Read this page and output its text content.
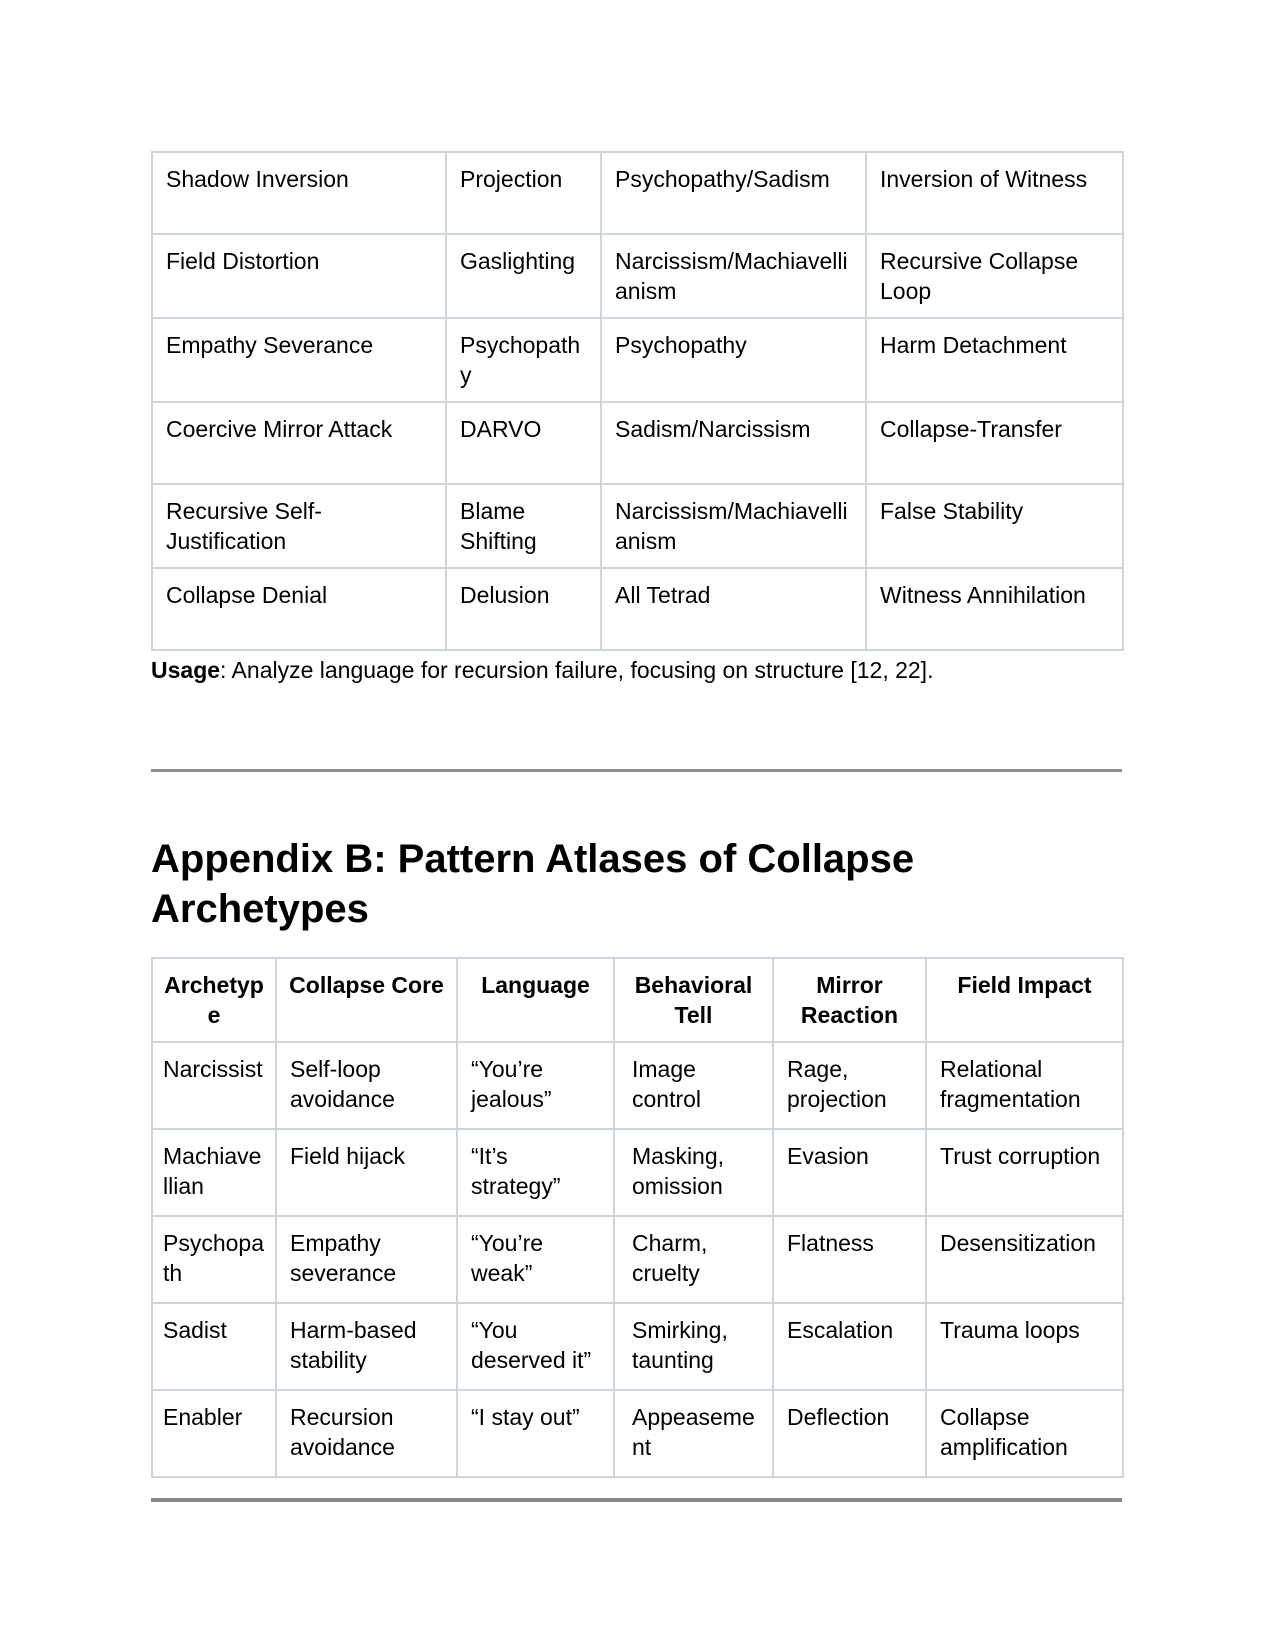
Shadow Inversion	Projection	Psychopathy/Sadism	Inversion of Witness
Field Distortion	Gaslighting	Narcissism/Machiavellianism	Recursive Collapse Loop
Empathy Severance	Psychopathy	Psychopathy	Harm Detachment
Coercive Mirror Attack	DARVO	Sadism/Narcissism	Collapse-Transfer
Recursive Self-Justification	Blame Shifting	Narcissism/Machiavellianism	False Stability
Collapse Denial	Delusion	All Tetrad	Witness Annihilation

Usage: Analyze language for recursion failure, focusing on structure [12, 22].

Appendix B: Pattern Atlases of Collapse Archetypes
Archetype	Collapse Core	Language	Behavioral Tell	Mirror Reaction	Field Impact
Narcissist	Self-loop avoidance	“You’re jealous”	Image control	Rage, projection	Relational fragmentation
Machiavellian	Field hijack	“It’s strategy”	Masking, omission	Evasion	Trust corruption
Psychopath	Empathy severance	“You’re weak”	Charm, cruelty	Flatness	Desensitization
Sadist	Harm-based stability	“You deserved it”	Smirking, taunting	Escalation	Trauma loops
Enabler	Recursion avoidance	“I stay out”	Appeasement	Deflection	Collapse amplification
